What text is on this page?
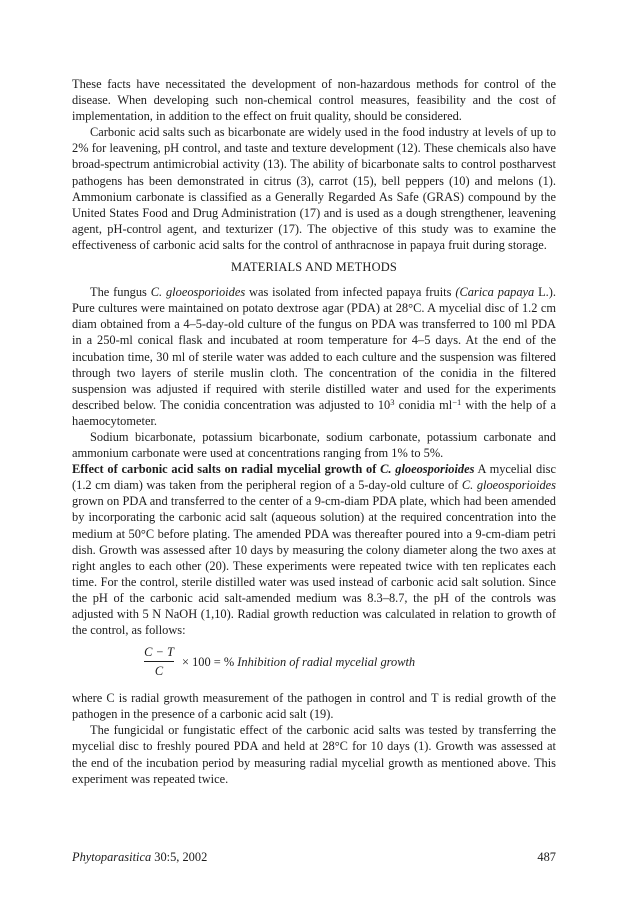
These facts have necessitated the development of non-hazardous methods for control of the disease. When developing such non-chemical control measures, feasibility and the cost of implementation, in addition to the effect on fruit quality, should be considered.

Carbonic acid salts such as bicarbonate are widely used in the food industry at levels of up to 2% for leavening, pH control, and taste and texture development (12). These chemicals also have broad-spectrum antimicrobial activity (13). The ability of bicarbonate salts to control postharvest pathogens has been demonstrated in citrus (3), carrot (15), bell peppers (10) and melons (1). Ammonium carbonate is classified as a Generally Regarded As Safe (GRAS) compound by the United States Food and Drug Administration (17) and is used as a dough strengthener, leavening agent, pH-control agent, and texturizer (17). The objective of this study was to examine the effectiveness of carbonic acid salts for the control of anthracnose in papaya fruit during storage.

MATERIALS AND METHODS

The fungus C. gloeosporioides was isolated from infected papaya fruits (Carica papaya L.). Pure cultures were maintained on potato dextrose agar (PDA) at 28°C. A mycelial disc of 1.2 cm diam obtained from a 4–5-day-old culture of the fungus on PDA was transferred to 100 ml PDA in a 250-ml conical flask and incubated at room temperature for 4–5 days. At the end of the incubation time, 30 ml of sterile water was added to each culture and the suspension was filtered through two layers of sterile muslin cloth. The concentration of the conidia in the filtered suspension was adjusted if required with sterile distilled water and used for the experiments described below. The conidia concentration was adjusted to $10^3$ conidia $ml^{-1}$ with the help of a haemocytometer.

Sodium bicarbonate, potassium bicarbonate, sodium carbonate, potassium carbonate and ammonium carbonate were used at concentrations ranging from 1% to 5%.

Effect of carbonic acid salts on radial mycelial growth of C. gloeosporioides A mycelial disc (1.2 cm diam) was taken from the peripheral region of a 5-day-old culture of C. gloeosporioides grown on PDA and transferred to the center of a 9-cm-diam PDA plate, which had been amended by incorporating the carbonic acid salt (aqueous solution) at the required concentration into the medium at 50°C before plating. The amended PDA was thereafter poured into a 9-cm-diam petri dish. Growth was assessed after 10 days by measuring the colony diameter along the two axes at right angles to each other (20). These experiments were repeated twice with ten replicates each time. For the control, sterile distilled water was used instead of carbonic acid salt solution. Since the pH of the carbonic acid salt-amended medium was 8.3–8.7, the pH of the controls was adjusted with 5 N NaOH (1,10). Radial growth reduction was calculated in relation to growth of the control, as follows:

$\frac{C - T}{C} \times 100$ = % Inhibition of radial mycelial growth

where C is radial growth measurement of the pathogen in control and T is redial growth of the pathogen in the presence of a carbonic acid salt (19).

The fungicidal or fungistatic effect of the carbonic acid salts was tested by transferring the mycelial disc to freshly poured PDA and held at 28°C for 10 days (1). Growth was assessed at the end of the incubation period by measuring radial mycelial growth as mentioned above. This experiment was repeated twice.

Phytoparasitica 30:5, 2002	487
